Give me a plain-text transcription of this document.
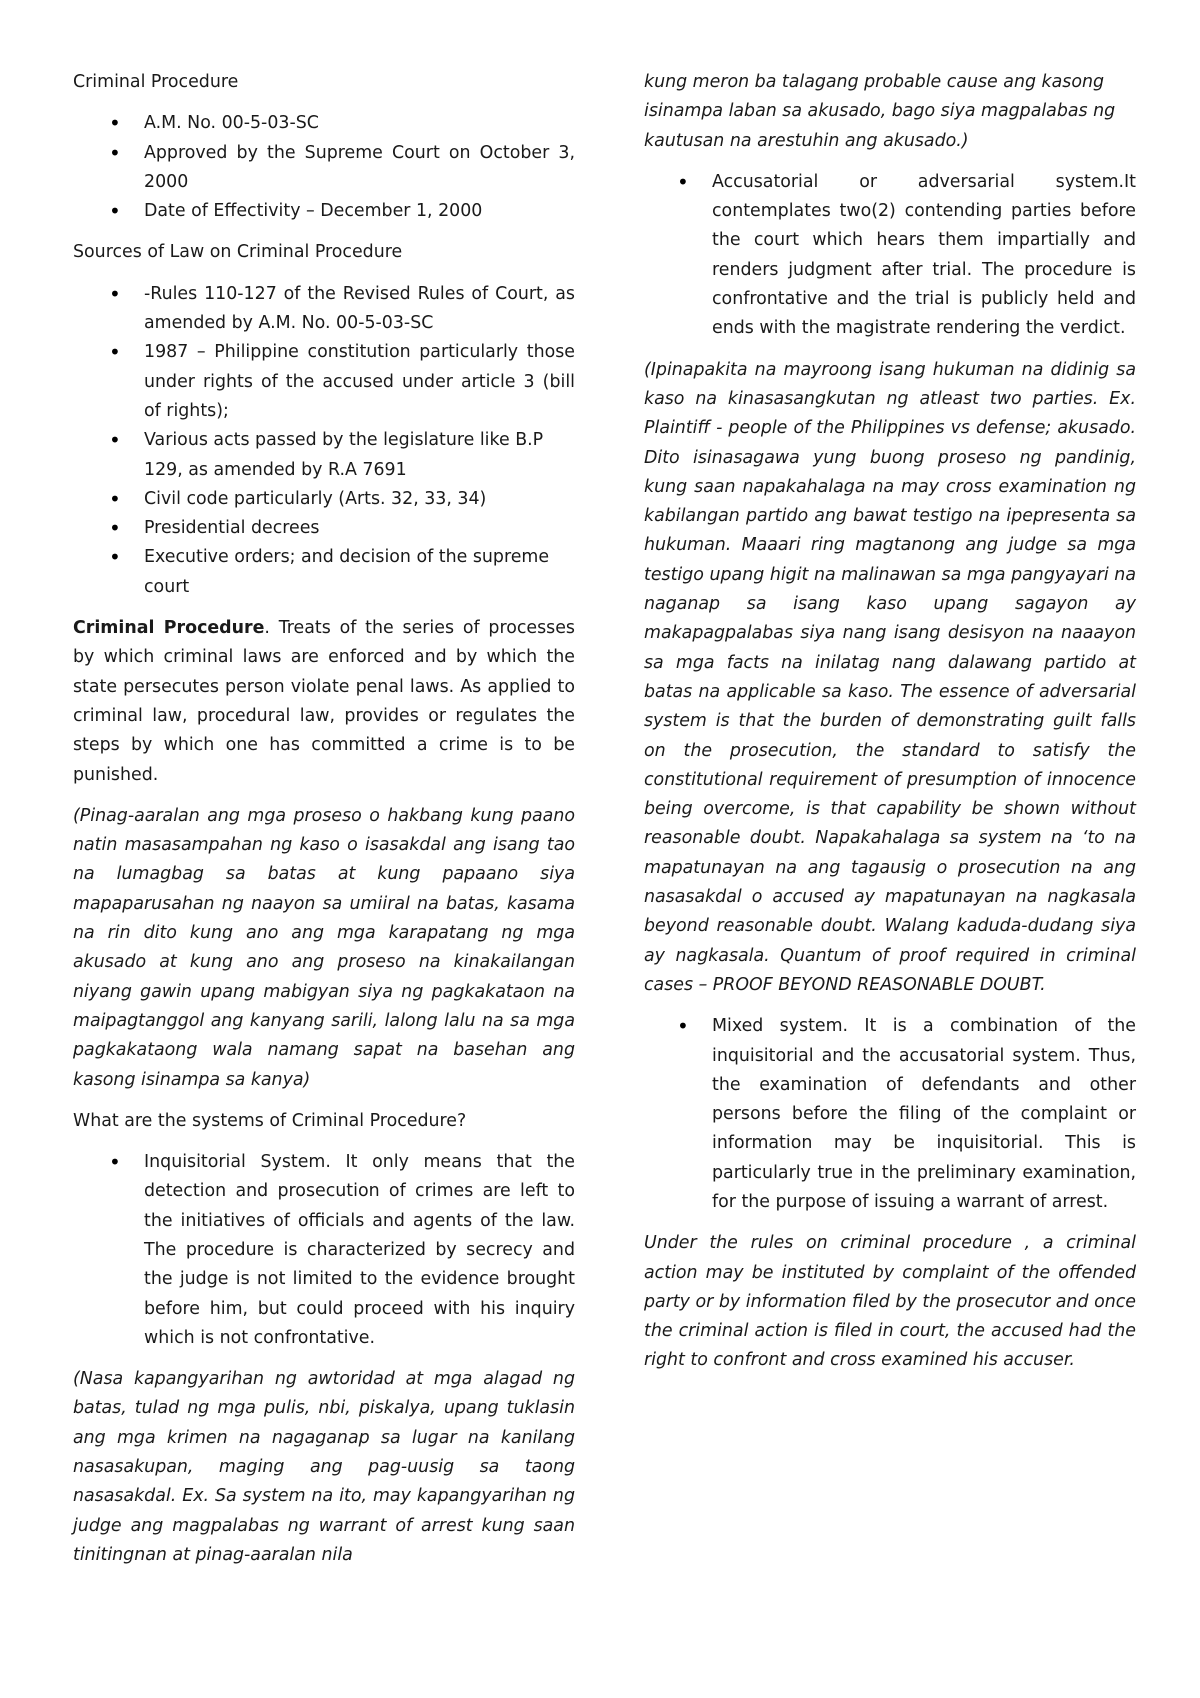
Criminal Procedure

• A.M. No. 00-5-03-SC
• Approved by the Supreme Court on October 3, 2000
• Date of Effectivity – December 1, 2000

Sources of Law on Criminal Procedure

• -Rules 110-127 of the Revised Rules of Court, as amended by A.M. No. 00-5-03-SC
• 1987 – Philippine constitution particularly those under rights of the accused under article 3 (bill of rights);
• Various acts passed by the legislature like B.P 129, as amended by R.A 7691
• Civil code particularly (Arts. 32, 33, 34)
• Presidential decrees
• Executive orders; and decision of the supreme court

Criminal Procedure. Treats of the series of processes by which criminal laws are enforced and by which the state persecutes person violate penal laws. As applied to criminal law, procedural law, provides or regulates the steps by which one has committed a crime is to be punished.

(Pinag-aaralan ang mga proseso o hakbang kung paano natin masasampahan ng kaso o isasakdal ang isang tao na lumagbag sa batas at kung papaano siya mapaparusahan ng naayon sa umiiral na batas, kasama na rin dito kung ano ang mga karapatang ng mga akusado at kung ano ang proseso na kinakailangan niyang gawin upang mabigyan siya ng pagkakataon na maipagtanggol ang kanyang sarili, lalong lalu na sa mga pagkakataong wala namang sapat na basehan ang kasong isinampa sa kanya)

What are the systems of Criminal Procedure?

• Inquisitorial System. It only means that the detection and prosecution of crimes are left to the initiatives of officials and agents of the law. The procedure is characterized by secrecy and the judge is not limited to the evidence brought before him, but could proceed with his inquiry which is not confrontative.

(Nasa kapangyarihan ng awtoridad at mga alagad ng batas, tulad ng mga pulis, nbi, piskalya, upang tuklasin ang mga krimen na nagaganap sa lugar na kanilang nasasakupan, maging ang pag-uusig sa taong nasasakdal. Ex. Sa system na ito, may kapangyarihan ng judge ang magpalabas ng warrant of arrest kung saan tinitingnan at pinag-aaralan nila

kung meron ba talagang probable cause ang kasong isinampa laban sa akusado, bago siya magpalabas ng kautusan na arestuhin ang akusado.)

• Accusatorial or adversarial system.It contemplates two(2) contending parties before the court which hears them impartially and renders judgment after trial. The procedure is confrontative and the trial is publicly held and ends with the magistrate rendering the verdict.

(Ipinapakita na mayroong isang hukuman na didinig sa kaso na kinasasangkutan ng atleast two parties. Ex. Plaintiff - people of the Philippines vs defense; akusado. Dito isinasagawa yung buong proseso ng pandinig, kung saan napakahalaga na may cross examination ng kabilangan partido ang bawat testigo na ipepresenta sa hukuman. Maaari ring magtanong ang judge sa mga testigo upang higit na malinawan sa mga pangyayari na naganap sa isang kaso upang sagayon ay makapagpalabas siya nang isang desisyon na naaayon sa mga facts na inilatag nang dalawang partido at batas na applicable sa kaso. The essence of adversarial system is that the burden of demonstrating guilt falls on the prosecution, the standard to satisfy the constitutional requirement of presumption of innocence being overcome, is that capability be shown without reasonable doubt. Napakahalaga sa system na ‘to na mapatunayan na ang tagausig o prosecution na ang nasasakdal o accused ay mapatunayan na nagkasala beyond reasonable doubt. Walang kaduda-dudang siya ay nagkasala. Quantum of proof required in criminal cases – PROOF BEYOND REASONABLE DOUBT.

• Mixed system. It is a combination of the inquisitorial and the accusatorial system. Thus, the examination of defendants and other persons before the filing of the complaint or information may be inquisitorial. This is particularly true in the preliminary examination, for the purpose of issuing a warrant of arrest.

Under the rules on criminal procedure , a criminal action may be instituted by complaint of the offended party or by information filed by the prosecutor and once the criminal action is filed in court, the accused had the right to confront and cross examined his accuser.
